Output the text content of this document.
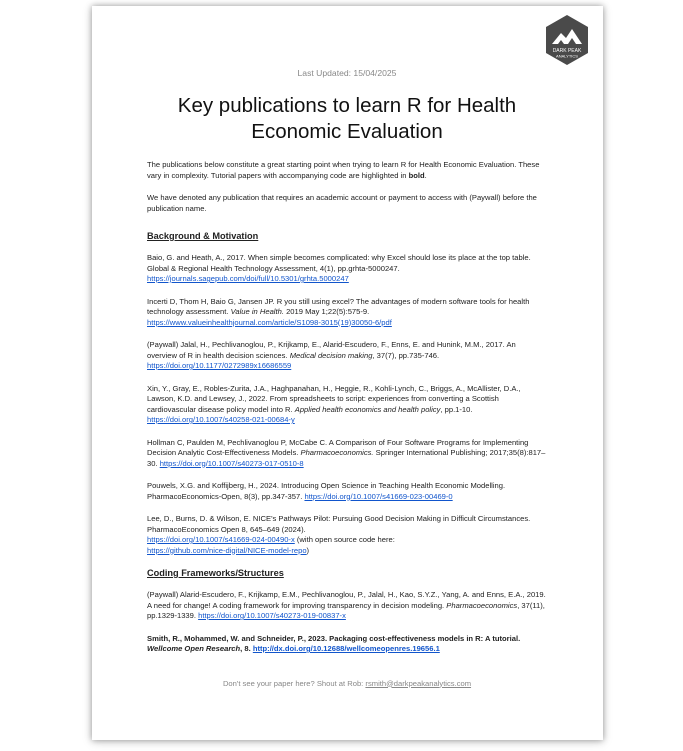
DARK PEAK
ANALYTICS
Last Updated: 15/04/2025
Key publications to learn R for Health Economic Evaluation

The publications below constitute a great starting point when trying to learn R for Health Economic Evaluation. These vary in complexity. Tutorial papers with accompanying code are highlighted in bold.

We have denoted any publication that requires an academic account or payment to access with (Paywall) before the publication name.

Background & Motivation

Baio, G. and Heath, A., 2017. When simple becomes complicated: why Excel should lose its place at the top table. Global & Regional Health Technology Assessment, 4(1), pp.grhta-5000247. https://journals.sagepub.com/doi/full/10.5301/grhta.5000247

Incerti D, Thom H, Baio G, Jansen JP. R you still using excel? The advantages of modern software tools for health technology assessment. Value in Health. 2019 May 1;22(5):575-9.
https://www.valueinhealthjournal.com/article/S1098-3015(19)30050-6/pdf

(Paywall) Jalal, H., Pechlivanoglou, P., Krijkamp, E., Alarid-Escudero, F., Enns, E. and Hunink, M.M., 2017. An overview of R in health decision sciences. Medical decision making, 37(7), pp.735-746.
https://doi.org/10.1177/0272989x16686559

Xin, Y., Gray, E., Robles-Zurita, J.A., Haghpanahan, H., Heggie, R., Kohli-Lynch, C., Briggs, A., McAllister, D.A., Lawson, K.D. and Lewsey, J., 2022. From spreadsheets to script: experiences from converting a Scottish cardiovascular disease policy model into R. Applied health economics and health policy, pp.1-10. https://doi.org/10.1007/s40258-021-00684-y

Hollman C, Paulden M, Pechlivanoglou P, McCabe C. A Comparison of Four Software Programs for Implementing Decision Analytic Cost-Effectiveness Models. Pharmacoeconomics. Springer International Publishing; 2017;35(8):817–30. https://doi.org/10.1007/s40273-017-0510-8

Pouwels, X.G. and Koffijberg, H., 2024. Introducing Open Science in Teaching Health Economic Modelling. PharmacoEconomics-Open, 8(3), pp.347-357. https://doi.org/10.1007/s41669-023-00469-0

Lee, D., Burns, D. & Wilson, E. NICE's Pathways Pilot: Pursuing Good Decision Making in Difficult Circumstances. PharmacoEconomics Open 8, 645–649 (2024).
https://doi.org/10.1007/s41669-024-00490-x (with open source code here:
https://github.com/nice-digital/NICE-model-repo)

Coding Frameworks/Structures

(Paywall) Alarid-Escudero, F., Krijkamp, E.M., Pechlivanoglou, P., Jalal, H., Kao, S.Y.Z., Yang, A. and Enns, E.A., 2019. A need for change! A coding framework for improving transparency in decision modeling. Pharmacoeconomics, 37(11), pp.1329-1339. https://doi.org/10.1007/s40273-019-00837-x

Smith, R., Mohammed, W. and Schneider, P., 2023. Packaging cost-effectiveness models in R: A tutorial. Wellcome Open Research, 8. http://dx.doi.org/10.12688/wellcomeopenres.19656.1

Don't see your paper here? Shout at Rob: rsmith@darkpeakanalytics.com
